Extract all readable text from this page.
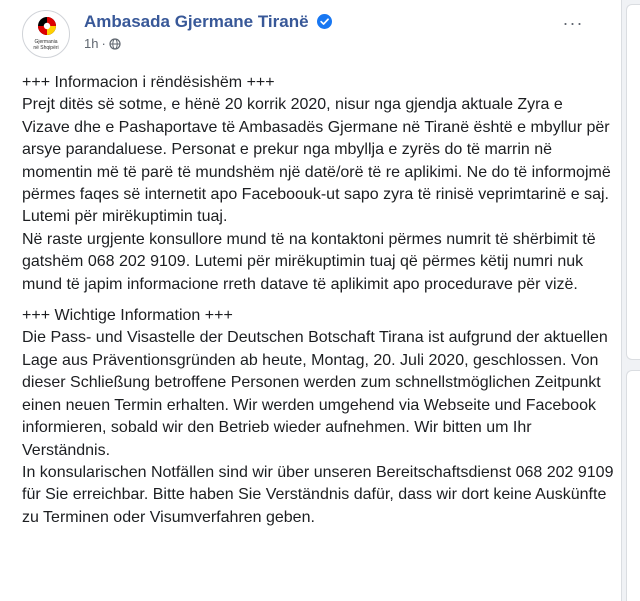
Gjermania
në Shqipëri
Ambasada Gjermane Tiranë
1h ·
···

+++ Informacion i rëndësishëm +++
Prejt ditës së sotme, e hënë 20 korrik 2020, nisur nga gjendja aktuale Zyra e Vizave dhe e Pashaportave të Ambasadës Gjermane në Tiranë është e mbyllur për arsye parandaluese. Personat e prekur nga mbyllja e zyrës do të marrin në momentin më të parë të mundshëm një datë/orë të re aplikimi. Ne do të informojmë përmes faqes së internetit apo Faceboouk-ut sapo zyra të rinisë veprimtarinë e saj. Lutemi për mirëkuptimin tuaj.
Në raste urgjente konsullore mund të na kontaktoni përmes numrit të shërbimit të gatshëm 068 202 9109. Lutemi për mirëkuptimin tuaj që përmes këtij numri nuk mund të japim informacione rreth datave të aplikimit apo procedurave për vizë.

+++ Wichtige Information +++
Die Pass- und Visastelle der Deutschen Botschaft Tirana ist aufgrund der aktuellen Lage aus Präventionsgründen ab heute, Montag, 20. Juli 2020, geschlossen. Von dieser Schließung betroffene Personen werden zum schnellstmöglichen Zeitpunkt einen neuen Termin erhalten. Wir werden umgehend via Webseite und Facebook informieren, sobald wir den Betrieb wieder aufnehmen. Wir bitten um Ihr Verständnis.
In konsularischen Notfällen sind wir über unseren Bereitschaftsdienst 068 202 9109 für Sie erreichbar. Bitte haben Sie Verständnis dafür, dass wir dort keine Auskünfte zu Terminen oder Visumverfahren geben.
